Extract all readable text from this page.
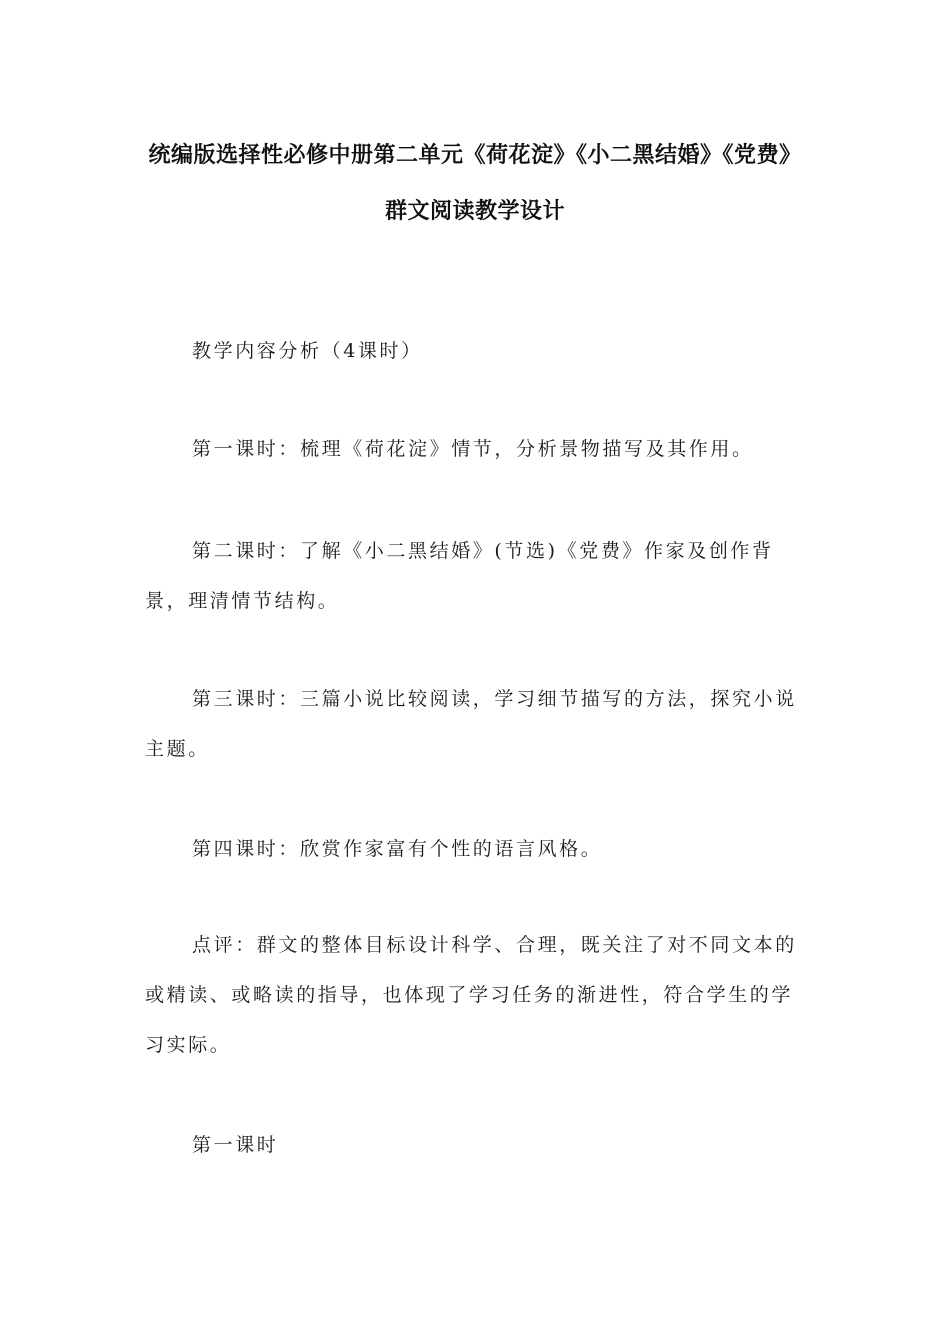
统编版选择性必修中册第二单元《荷花淀》《小二黑结婚》《党费》群文阅读教学设计

教学内容分析（4课时）

第一课时：梳理《荷花淀》情节，分析景物描写及其作用。

第二课时：了解《小二黑结婚》(节选)《党费》作家及创作背景，理清情节结构。

第三课时：三篇小说比较阅读，学习细节描写的方法，探究小说主题。

第四课时：欣赏作家富有个性的语言风格。

点评：群文的整体目标设计科学、合理，既关注了对不同文本的或精读、或略读的指导，也体现了学习任务的渐进性，符合学生的学习实际。

第一课时
